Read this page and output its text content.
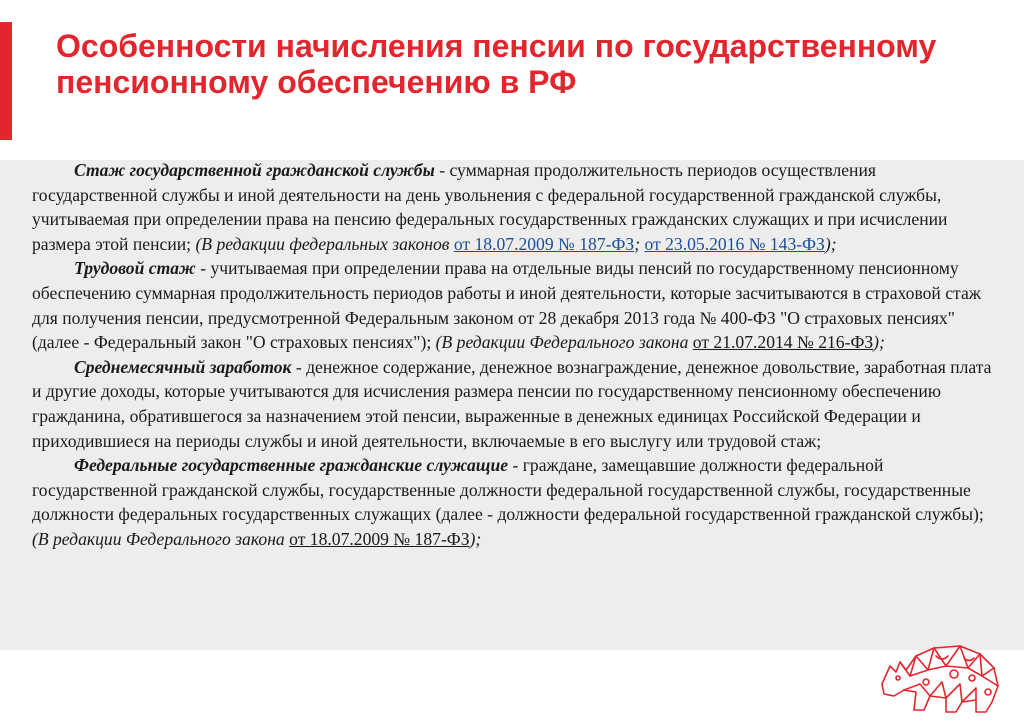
Особенности начисления пенсии по государственному пенсионному обеспечению в РФ

Стаж государственной гражданской службы - суммарная продолжительность периодов осуществления государственной службы и иной деятельности на день увольнения с федеральной государственной гражданской службы, учитываемая при определении права на пенсию федеральных государственных гражданских служащих и при исчислении размера этой пенсии; (В редакции федеральных законов от 18.07.2009 № 187-ФЗ; от 23.05.2016 № 143-ФЗ);

Трудовой стаж - учитываемая при определении права на отдельные виды пенсий по государственному пенсионному обеспечению суммарная продолжительность периодов работы и иной деятельности, которые засчитываются в страховой стаж для получения пенсии, предусмотренной Федеральным законом от 28 декабря 2013 года № 400-ФЗ "О страховых пенсиях" (далее - Федеральный закон "О страховых пенсиях"); (В редакции Федерального закона от 21.07.2014 № 216-ФЗ);

Среднемесячный заработок - денежное содержание, денежное вознаграждение, денежное довольствие, заработная плата и другие доходы, которые учитываются для исчисления размера пенсии по государственному пенсионному обеспечению гражданина, обратившегося за назначением этой пенсии, выраженные в денежных единицах Российской Федерации и приходившиеся на периоды службы и иной деятельности, включаемые в его выслугу или трудовой стаж;

Федеральные государственные гражданские служащие - граждане, замещавшие должности федеральной государственной гражданской службы, государственные должности федеральной государственной службы, государственные должности федеральных государственных служащих (далее - должности федеральной государственной гражданской службы); (В редакции Федерального закона от 18.07.2009 № 187-ФЗ);
